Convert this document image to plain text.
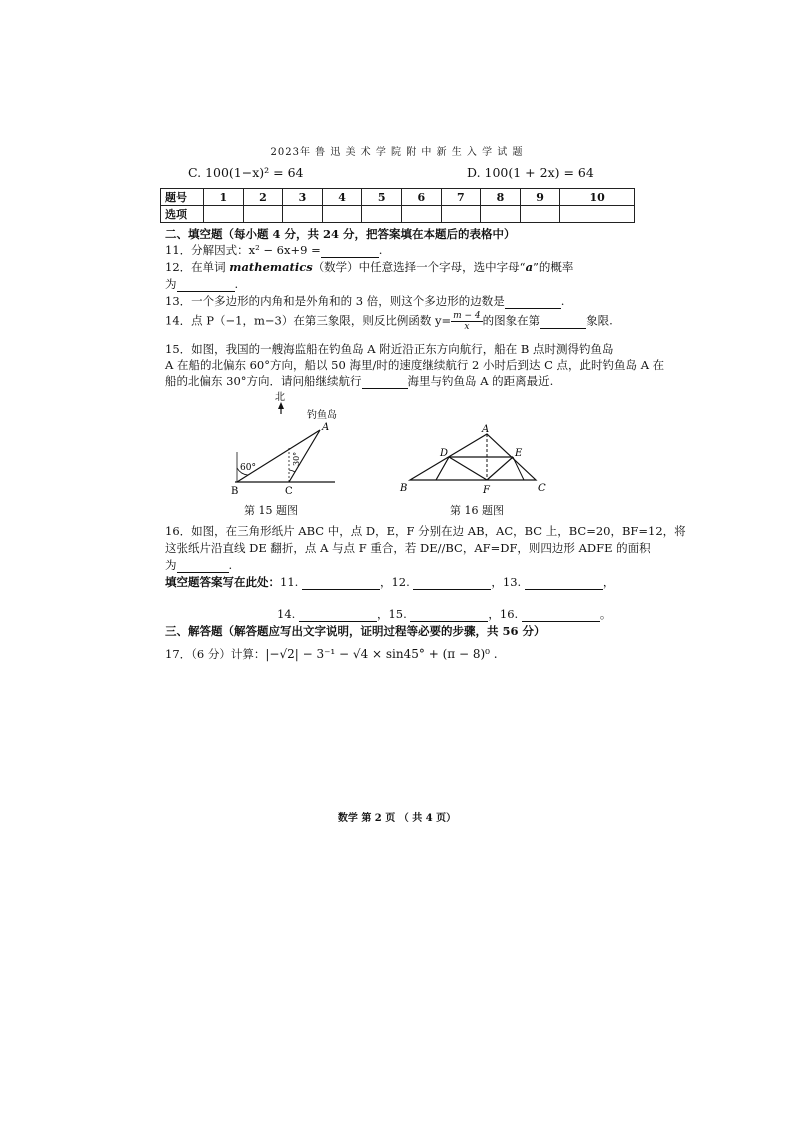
2023年 鲁 迅 美 术 学 院 附 中 新 生 入 学 试 题
C. 100(1−x)² = 64	D. 100(1 + 2x) = 64
题号	1	2	3	4	5	6	7	8	9	10
选项										
二、填空题（每小题 4 分，共 24 分，把答案填在本题后的表格中）
11．分解因式：x² − 6x+9 =	.
12．在单词 mathematics（数学）中任意选择一个字母，选中字母“a”的概率
为	.
13．一个多边形的内角和是外角和的 3 倍，则这个多边形的边数是	.
14．点 P（−1，m−3）在第三象限，则反比例函数 $y= \frac{m - 4}{x}$ 的图象在第	象限.
15．如图，我国的一艘海监船在钓鱼岛 A 附近沿正东方向航行，船在 B 点时测得钓鱼岛
A 在船的北偏东 60°方向，船以 50 海里/时的速度继续航行 2 小时后到达 C 点，此时钓鱼岛 A 在
船的北偏东 30°方向．请问船继续航行	海里与钓鱼岛 A 的距离最近.
北
钓鱼岛
60°
30°
A
B	C
第 15 题图
A
B	C
D	E
F
第 16 题图
16．如图，在三角形纸片 ABC 中，点 D，E，F 分别在边 AB，AC，BC 上，BC=20，BF=12，将
这张纸片沿直线 DE 翻折，点 A 与点 F 重合，若 DE//BC，AF=DF，则四边形 ADFE 的面积
为	.
填空题答案写在此处：11.	，12.	，13.	，
14.	，15.	，16.	。
三、解答题（解答题应写出文字说明，证明过程等必要的步骤，共 56 分）
17．（6 分）计算：|−√2| − 3⁻¹ − √4 × sin45° + (π − 8)⁰ .
数学 第 2 页 （ 共 4 页）
